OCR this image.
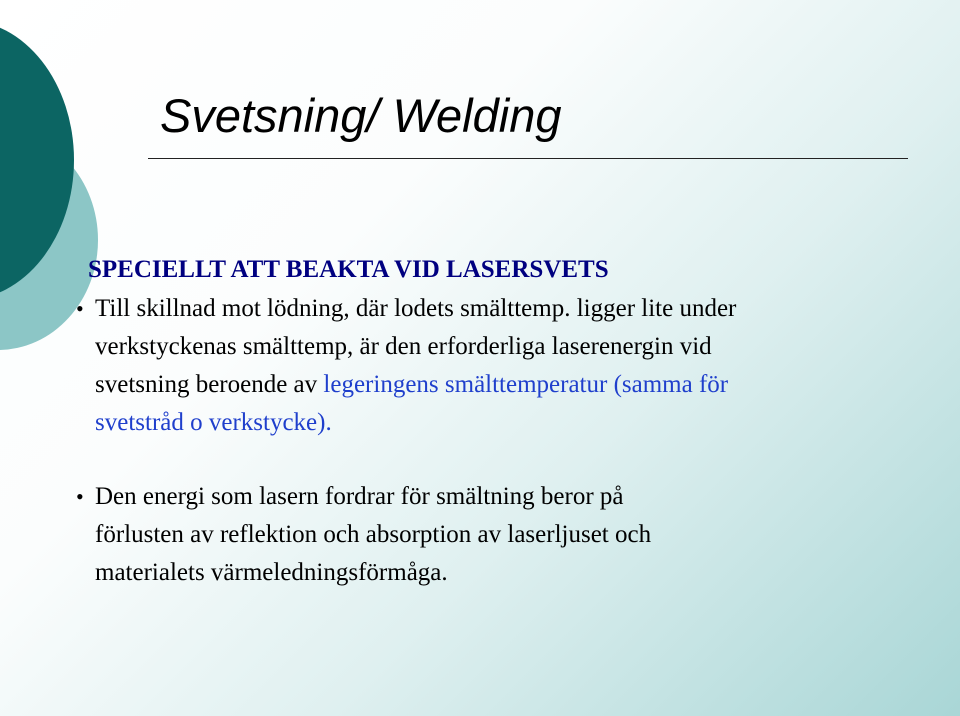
Svetsning/ Welding
SPECIELLT ATT BEAKTA VID LASERSVETS
• Till skillnad mot lödning, där lodets smälttemp. ligger lite under
verkstyckenas smälttemp, är den erforderliga laserenergin vid
svetsning beroende av legeringens smälttemperatur (samma för
svetstråd o verkstycke).
• Den energi som lasern fordrar för smältning beror på
förlusten av reflektion och absorption av laserljuset och
materialets värmeledningsförmåga.
